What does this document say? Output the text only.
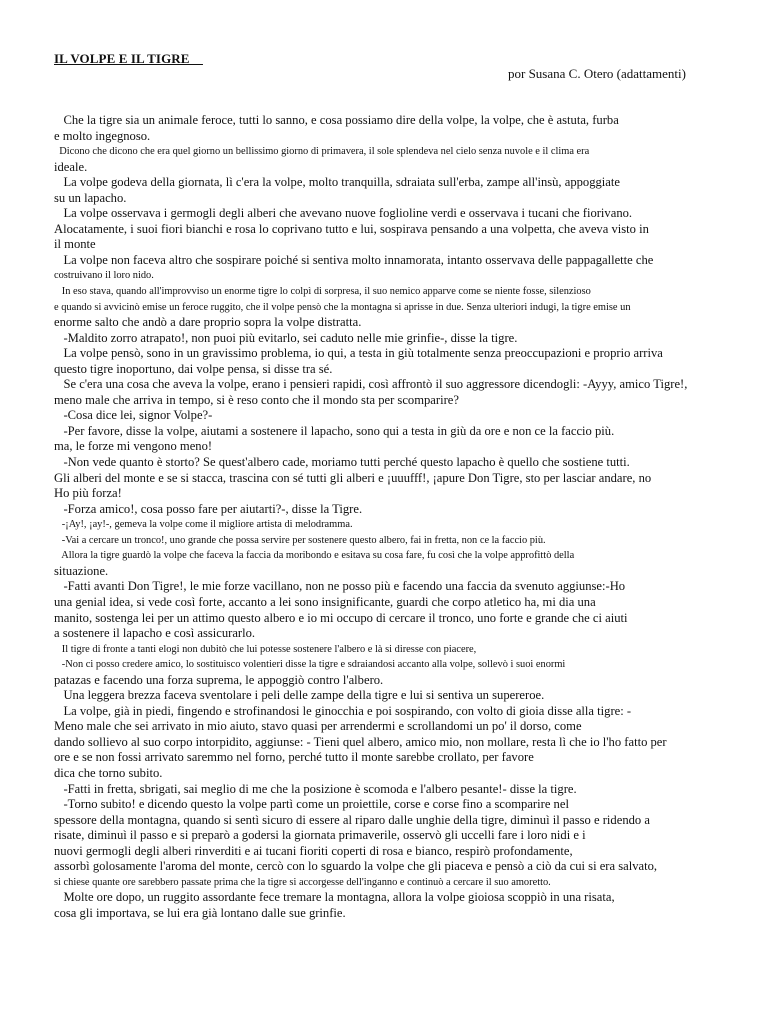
IL VOLPE E IL TIGRE
por Susana C. Otero (adattamenti)
Che la tigre sia un animale feroce, tutti lo sanno, e cosa possiamo dire della volpe, la volpe, che è astuta, furba
e molto ingegnoso.
Dicono che dicono che era quel giorno un bellissimo giorno di primavera, il sole splendeva nel cielo senza nuvole e il clima era
ideale.
La volpe godeva della giornata, lì c'era la volpe, molto tranquilla, sdraiata sull'erba, zampe all'insù, appoggiate
su un lapacho.
La volpe osservava i germogli degli alberi che avevano nuove foglioline verdi e osservava i tucani che fiorivano.
Alocatamente, i suoi fiori bianchi e rosa lo coprivano tutto e lui, sospirava pensando a una volpetta, che aveva visto in
il monte
La volpe non faceva altro che sospirare poiché si sentiva molto innamorata, intanto osservava delle pappagallette che
costruivano il loro nido.
In eso stava, quando all'improvviso un enorme tigre lo colpì di sorpresa, il suo nemico apparve come se niente fosse, silenzioso
e quando si avvicinò emise un feroce ruggito, che il volpe pensò che la montagna si aprisse in due. Senza ulteriori indugi, la tigre emise un
enorme salto che andò a dare proprio sopra la volpe distratta.
-Maldito zorro atrapato!, non puoi più evitarlo, sei caduto nelle mie grinfie-, disse la tigre.
La volpe pensò, sono in un gravissimo problema, io qui, a testa in giù totalmente senza preoccupazioni e proprio arriva
questo tigre inoportuno, dai volpe pensa, si disse tra sé.
Se c'era una cosa che aveva la volpe, erano i pensieri rapidi, così affrontò il suo aggressore dicendogli: -Ayyy, amico Tigre!,
meno male che arriva in tempo, si è reso conto che il mondo sta per scomparire?
-Cosa dice lei, signor Volpe?-
-Per favore, disse la volpe, aiutami a sostenere il lapacho, sono qui a testa in giù da ore e non ce la faccio più.
ma, le forze mi vengono meno!
-Non vede quanto è storto? Se quest'albero cade, moriamo tutti perché questo lapacho è quello che sostiene tutti.
Gli alberi del monte e se si stacca, trascina con sé tutti gli alberi e ¡uuufff!, ¡apure Don Tigre, sto per lasciar andare, no
Ho più forza!
-Forza amico!, cosa posso fare per aiutarti?-, disse la Tigre.
-¡Ay!, ¡ay!-, gemeva la volpe come il migliore artista di melodramma.
-Vai a cercare un tronco!, uno grande che possa servire per sostenere questo albero, fai in fretta, non ce la faccio più.
Allora la tigre guardò la volpe che faceva la faccia da moribondo e esitava su cosa fare, fu così che la volpe approfittò della
situazione.
-Fatti avanti Don Tigre!, le mie forze vacillano, non ne posso più e facendo una faccia da svenuto aggiunse:-Ho
una genial idea, si vede così forte, accanto a lei sono insignificante, guardi che corpo atletico ha, mi dia una
manito, sostenga lei per un attimo questo albero e io mi occupo di cercare il tronco, uno forte e grande che ci aiuti
a sostenere il lapacho e così assicurarlo.
Il tigre di fronte a tanti elogi non dubitò che lui potesse sostenere l'albero e là si diresse con piacere,
-Non ci posso credere amico, lo sostituisco volentieri disse la tigre e sdraiandosi accanto alla volpe, sollevò i suoi enormi
patazas e facendo una forza suprema, le appoggiò contro l'albero.
Una leggera brezza faceva sventolare i peli delle zampe della tigre e lui si sentiva un supereroe.
La volpe, già in piedi, fingendo e strofinandosi le ginocchia e poi sospirando, con volto di gioia disse alla tigre: -
Meno male che sei arrivato in mio aiuto, stavo quasi per arrendermi e scrollandomi un po' il dorso, come
dando sollievo al suo corpo intorpidito, aggiunse: - Tieni quel albero, amico mio, non mollare, resta lì che io l'ho fatto per
ore e se non fossi arrivato saremmo nel forno, perché tutto il monte sarebbe crollato, per favore
dica che torno subito.
-Fatti in fretta, sbrigati, sai meglio di me che la posizione è scomoda e l'albero pesante!- disse la tigre.
-Torno subito! e dicendo questo la volpe partì come un proiettile, corse e corse fino a scomparire nel
spessore della montagna, quando si sentì sicuro di essere al riparo dalle unghie della tigre, diminuì il passo e ridendo a
risate, diminuì il passo e si preparò a godersi la giornata primaverile, osservò gli uccelli fare i loro nidi e i
nuovi germogli degli alberi rinverditi e ai tucani fioriti coperti di rosa e bianco, respirò profondamente,
assorbì golosamente l'aroma del monte, cercò con lo sguardo la volpe che gli piaceva e pensò a ciò da cui si era salvato,
si chiese quante ore sarebbero passate prima che la tigre si accorgesse dell'inganno e continuò a cercare il suo amoretto.
Molte ore dopo, un ruggito assordante fece tremare la montagna, allora la volpe gioiosa scoppiò in una risata,
cosa gli importava, se lui era già lontano dalle sue grinfie.
